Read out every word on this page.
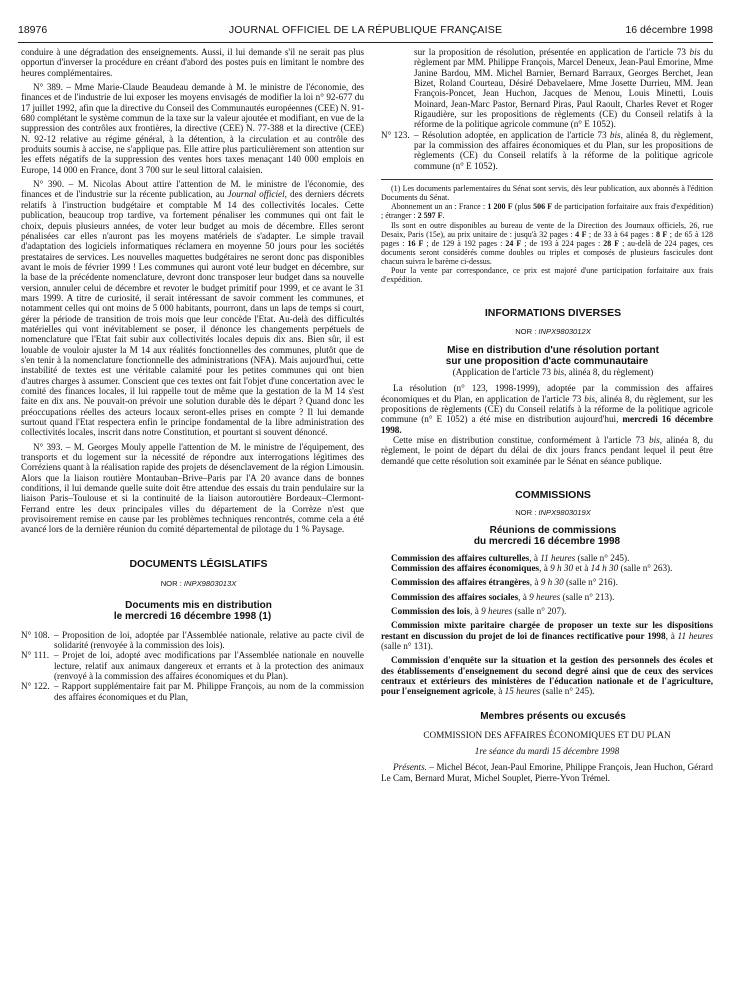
18976	JOURNAL OFFICIEL DE LA RÉPUBLIQUE FRANÇAISE	16 décembre 1998

conduire à une dégradation des enseignements. Aussi, il lui demande s'il ne serait pas plus opportun d'inverser la procédure en créant d'abord des postes puis en limitant le nombre des heures complémentaires.

N° 389. – Mme Marie-Claude Beaudeau demande à M. le ministre de l'économie, des finances et de l'industrie de lui exposer les moyens envisagés de modifier la loi n° 92-677 du 17 juillet 1992, afin que la directive du Conseil des Communautés européennes (CEE) N. 91-680 complétant le système commun de la taxe sur la valeur ajoutée et modifiant, en vue de la suppression des contrôles aux frontières, la directive (CEE) N. 77-388 et la directive (CEE) N. 92-12 relative au régime général, à la détention, à la circulation et au contrôle des produits soumis à accise, ne s'applique pas. Elle attire plus particulièrement son attention sur les effets négatifs de la suppression des ventes hors taxes menaçant 140 000 emplois en Europe, 14 000 en France, dont 3 700 sur le seul littoral calaisien.

N° 390. – M. Nicolas About attire l'attention de M. le ministre de l'économie, des finances et de l'industrie sur la récente publication, au Journal officiel, des derniers décrets relatifs à l'instruction budgétaire et comptable M 14 des collectivités locales. Cette publication, beaucoup trop tardive, va fortement pénaliser les communes qui ont fait le choix, depuis plusieurs années, de voter leur budget au mois de décembre. Elles seront pénalisées car elles n'auront pas les moyens matériels de s'adapter. Le simple travail d'adaptation des logiciels informatiques réclamera en moyenne 50 jours pour les sociétés prestataires de services. Les nouvelles maquettes budgétaires ne seront donc pas disponibles avant le mois de février 1999 ! Les communes qui auront voté leur budget en décembre, sur la base de la précédente nomenclature, devront donc transposer leur budget dans sa nouvelle version, annuler celui de décembre et revoter le budget primitif pour 1999, et ce avant le 31 mars 1999. A titre de curiosité, il serait intéressant de savoir comment les communes, et notamment celles qui ont moins de 5 000 habitants, pourront, dans un laps de temps si court, gérer la période de transition de trois mois que leur concède l'Etat. Au-delà des difficultés matérielles qui vont inévitablement se poser, il dénonce les changements perpétuels de nomenclature que l'Etat fait subir aux collectivités locales depuis dix ans. Bien sûr, il est louable de vouloir ajuster la M 14 aux réalités fonctionnelles des communes, plutôt que de s'en tenir à la nomenclature fonctionnelle des administrations (NFA). Mais aujourd'hui, cette instabilité de textes est une véritable calamité pour les petites communes qui ont bien d'autres charges à assumer. Conscient que ces textes ont fait l'objet d'une concertation avec le comité des finances locales, il lui rappelle tout de même que la gestation de la M 14 s'est faite en dix ans. Ne pouvait-on prévoir une solution durable dès le départ ? Quand donc les préoccupations réelles des acteurs locaux seront-elles prises en compte ? Il lui demande surtout quand l'Etat respectera enfin le principe fondamental de la libre administration des collectivités locales, inscrit dans notre Constitution, et pourtant si souvent dénoncé.

N° 393. – M. Georges Mouly appelle l'attention de M. le ministre de l'équipement, des transports et du logement sur la nécessité de répondre aux interrogations légitimes des Corréziens quant à la réalisation rapide des projets de désenclavement de la région Limousin. Alors que la liaison routière Montauban–Brive–Paris par l'A 20 avance dans de bonnes conditions, il lui demande quelle suite doit être attendue des essais du train pendulaire sur la liaison Paris–Toulouse et si la continuité de la liaison autoroutière Bordeaux–Clermont-Ferrand entre les deux principales villes du département de la Corrèze n'est que provisoirement remise en cause par les problèmes techniques rencontrés, comme cela a été avancé lors de la dernière réunion du comité départemental de pilotage du 1 % Paysage.

DOCUMENTS LÉGISLATIFS

NOR : INPX9803013X

Documents mis en distribution
le mercredi 16 décembre 1998 (1)

N° 108. – Proposition de loi, adoptée par l'Assemblée nationale, relative au pacte civil de solidarité (renvoyée à la commission des lois).
N° 111. – Projet de loi, adopté avec modifications par l'Assemblée nationale en nouvelle lecture, relatif aux animaux dangereux et errants et à la protection des animaux (renvoyé à la commission des affaires économiques et du Plan).
N° 122. – Rapport supplémentaire fait par M. Philippe François, au nom de la commission des affaires économiques et du Plan,

sur la proposition de résolution, présentée en application de l'article 73 bis du règlement par MM. Philippe François, Marcel Deneux, Jean-Paul Emorine, Mme Janine Bardou, MM. Michel Barnier, Bernard Barraux, Georges Berchet, Jean Bizet, Roland Courteau, Désiré Debavelaere, Mme Josette Durrieu, MM. Jean François-Poncet, Jean Huchon, Jacques de Menou, Louis Minetti, Louis Moinard, Jean-Marc Pastor, Bernard Piras, Paul Raoult, Charles Revet et Roger Rigaudière, sur les propositions de règlements (CE) du Conseil relatifs à la réforme de la politique agricole commune (n° E 1052).

N° 123. – Résolution adoptée, en application de l'article 73 bis, alinéa 8, du règlement, par la commission des affaires économiques et du Plan, sur les propositions de règlements (CE) du Conseil relatifs à la réforme de la politique agricole commune (n° E 1052).

(1) Les documents parlementaires du Sénat sont servis, dès leur publication, aux abonnés à l'édition Documents du Sénat.

Abonnement un an : France : 1 200 F (plus 506 F de participation forfaitaire aux frais d'expédition) ; étranger : 2 597 F.

Ils sont en outre disponibles au bureau de vente de la Direction des Journaux officiels, 26, rue Desaix, Paris (15e), au prix unitaire de : jusqu'à 32 pages : 4 F ; de 33 à 64 pages : 8 F ; de 65 à 128 pages : 16 F ; de 129 à 192 pages : 24 F ; de 193 à 224 pages : 28 F ; au-delà de 224 pages, ces documents seront considérés comme doubles ou triples et composés de plusieurs fascicules dont chacun suivra le barème ci-dessus.

Pour la vente par correspondance, ce prix est majoré d'une participation forfaitaire aux frais d'expédition.

INFORMATIONS DIVERSES

NOR : INPX9803012X

Mise en distribution d'une résolution portant
sur une proposition d'acte communautaire

(Application de l'article 73 bis, alinéa 8, du règlement)

La résolution (n° 123, 1998-1999), adoptée par la commission des affaires économiques et du Plan, en application de l'article 73 bis, alinéa 8, du règlement, sur les propositions de règlements (CE) du Conseil relatifs à la réforme de la politique agricole commune (n° E 1052) a été mise en distribution aujourd'hui, mercredi 16 décembre 1998.

Cette mise en distribution constitue, conformément à l'article 73 bis, alinéa 8, du règlement, le point de départ du délai de dix jours francs pendant lequel il peut être demandé que cette résolution soit examinée par le Sénat en séance publique.

COMMISSIONS

NOR : INPX9803019X

Réunions de commissions
du mercredi 16 décembre 1998

Commission des affaires culturelles, à 11 heures (salle n° 245).

Commission des affaires économiques, à 9 h 30 et à 14 h 30 (salle n° 263).

Commission des affaires étrangères, à 9 h 30 (salle n° 216).

Commission des affaires sociales, à 9 heures (salle n° 213).

Commission des lois, à 9 heures (salle n° 207).

Commission mixte paritaire chargée de proposer un texte sur les dispositions restant en discussion du projet de loi de finances rectificative pour 1998, à 11 heures (salle n° 131).

Commission d'enquête sur la situation et la gestion des personnels des écoles et des établissements d'enseignement du second degré ainsi que de ceux des services centraux et extérieurs des ministères de l'éducation nationale et de l'agriculture, pour l'enseignement agricole, à 15 heures (salle n° 245).

Membres présents ou excusés

COMMISSION DES AFFAIRES ÉCONOMIQUES ET DU PLAN

1re séance du mardi 15 décembre 1998

Présents. – Michel Bécot, Jean-Paul Emorine, Philippe François, Jean Huchon, Gérard Le Cam, Bernard Murat, Michel Souplet, Pierre-Yvon Trémel.
